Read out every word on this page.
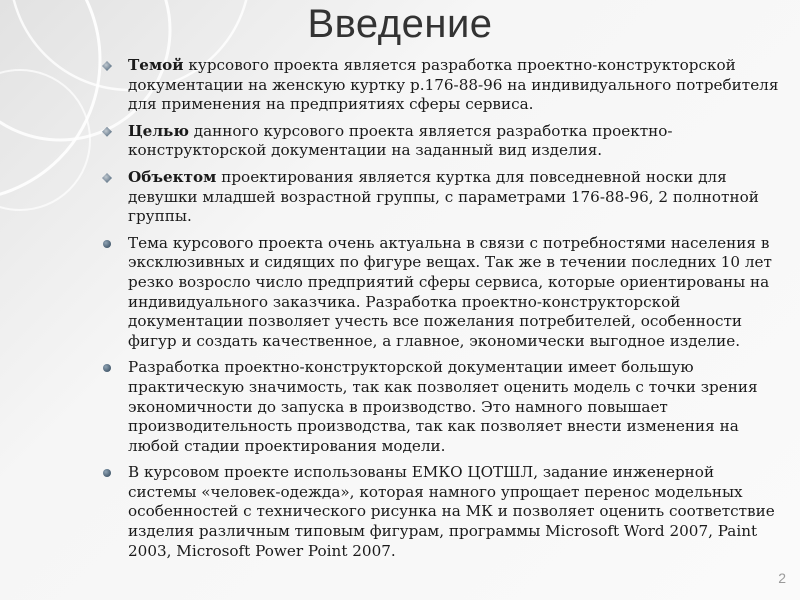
Введение
Темой курсового проекта является разработка проектно-конструкторской документации на женскую куртку р.176-88-96 на индивидуального потребителя для применения на предприятиях сферы сервиса.
Целью данного курсового проекта является разработка проектно-конструкторской документации на заданный вид изделия.
Объектом проектирования является куртка для повседневной носки для девушки младшей возрастной группы, с параметрами 176-88-96, 2 полнотной группы.
Тема курсового проекта очень актуальна в связи с потребностями населения в эксклюзивных и сидящих по фигуре вещах. Так же в течении последних 10 лет резко возросло число предприятий сферы сервиса, которые ориентированы на индивидуального заказчика. Разработка проектно-конструкторской документации позволяет учесть все пожелания потребителей, особенности фигур и создать качественное, а главное, экономически выгодное изделие.
Разработка проектно-конструкторской документации имеет большую практическую значимость, так как позволяет оценить модель с точки зрения экономичности до запуска в производство. Это намного повышает производительность производства, так как позволяет внести изменения на любой стадии проектирования модели.
В курсовом проекте использованы ЕМКО ЦОТШЛ, задание инженерной системы «человек-одежда», которая намного упрощает перенос модельных особенностей с технического рисунка на МК и позволяет оценить соответствие изделия различным типовым фигурам, программы Microsoft Word 2007, Paint 2003, Microsoft Power Point 2007.
2
